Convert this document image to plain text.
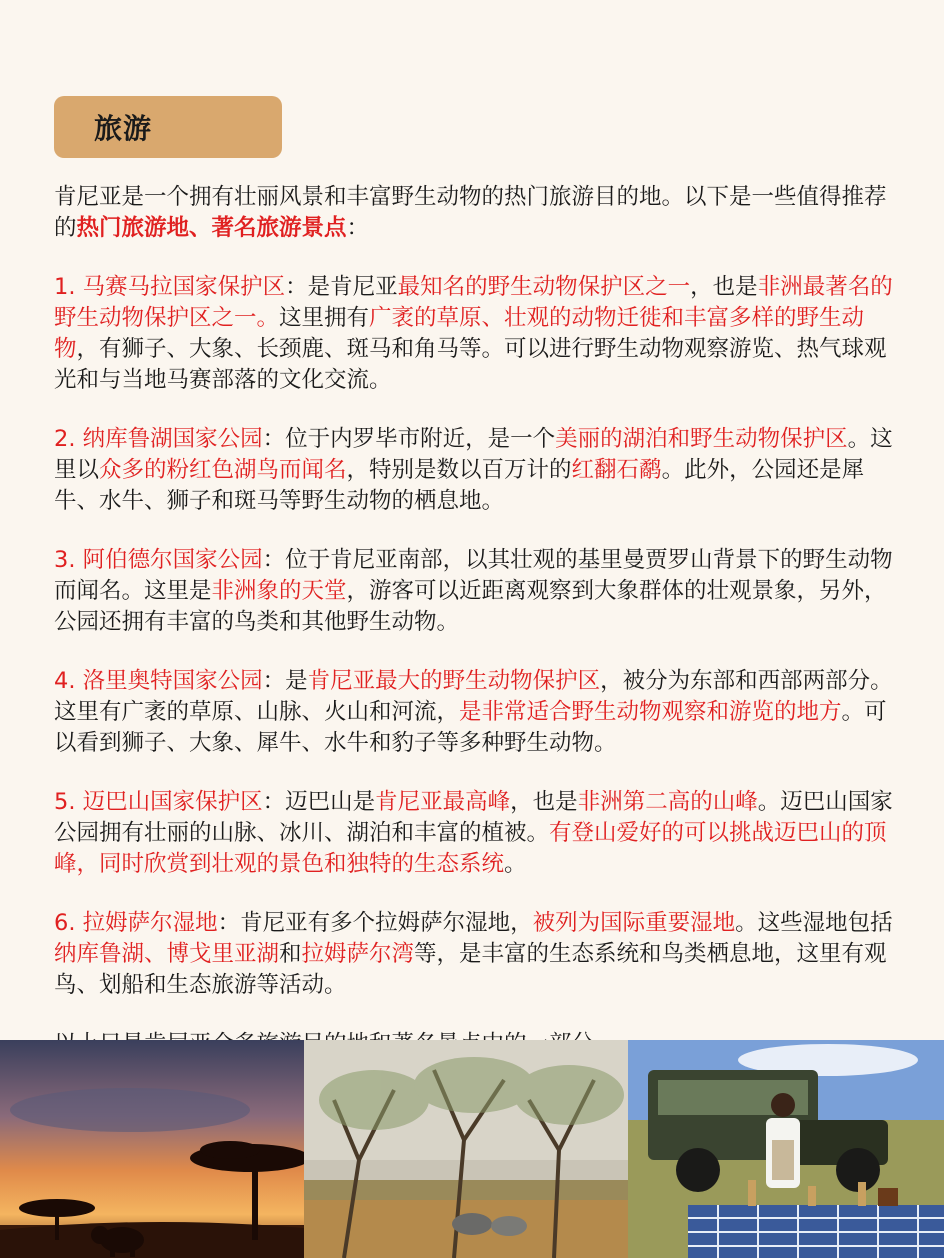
旅游

肯尼亚是一个拥有壮丽风景和丰富野生动物的热门旅游目的地。以下是一些值得推荐的热门旅游地、著名旅游景点：

1. 马赛马拉国家保护区：是肯尼亚最知名的野生动物保护区之一，也是非洲最著名的野生动物保护区之一。这里拥有广袤的草原、壮观的动物迁徙和丰富多样的野生动物，有狮子、大象、长颈鹿、斑马和角马等。可以进行野生动物观察游览、热气球观光和与当地马赛部落的文化交流。

2. 纳库鲁湖国家公园：位于内罗毕市附近，是一个美丽的湖泊和野生动物保护区。这里以众多的粉红色湖鸟而闻名，特别是数以百万计的红翻石鹬。此外，公园还是犀牛、水牛、狮子和斑马等野生动物的栖息地。

3. 阿伯德尔国家公园：位于肯尼亚南部，以其壮观的基里曼贾罗山背景下的野生动物而闻名。这里是非洲象的天堂，游客可以近距离观察到大象群体的壮观景象，另外，公园还拥有丰富的鸟类和其他野生动物。

4. 洛里奥特国家公园：是肯尼亚最大的野生动物保护区，被分为东部和西部两部分。这里有广袤的草原、山脉、火山和河流，是非常适合野生动物观察和游览的地方。可以看到狮子、大象、犀牛、水牛和豹子等多种野生动物。

5. 迈巴山国家保护区：迈巴山是肯尼亚最高峰，也是非洲第二高的山峰。迈巴山国家公园拥有壮丽的山脉、冰川、湖泊和丰富的植被。有登山爱好的可以挑战迈巴山的顶峰，同时欣赏到壮观的景色和独特的生态系统。

6. 拉姆萨尔湿地：肯尼亚有多个拉姆萨尔湿地，被列为国际重要湿地。这些湿地包括纳库鲁湖、博戈里亚湖和拉姆萨尔湾等，是丰富的生态系统和鸟类栖息地，这里有观鸟、划船和生态旅游等活动。
